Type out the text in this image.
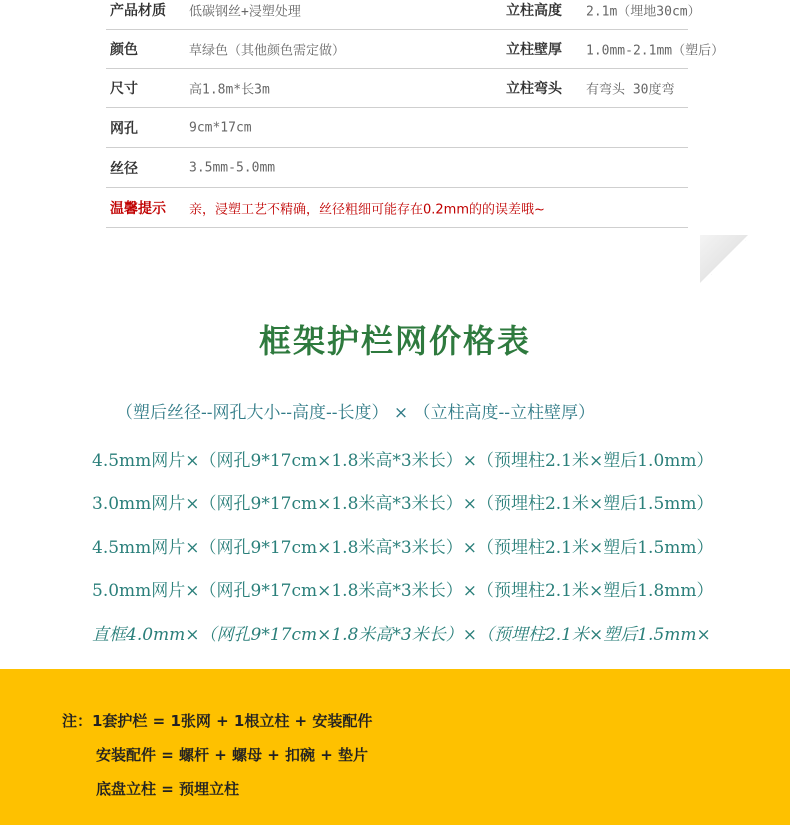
产品材质 低碳钢丝+浸塑处理	立柱高度 2.1m（埋地30cm）
颜色	草绿色（其他颜色需定做）	立柱壁厚 1.0mm-2.1mm（塑后）
尺寸	高1.8m*长3m	立柱弯头 有弯头 30度弯
网孔	9cm*17cm
丝径	3.5mm-5.0mm
温馨提示 亲，浸塑工艺不精确，丝径粗细可能存在0.2mm的的误差哦~
框架护栏网价格表
（塑后丝径--网孔大小--高度--长度） × （立柱高度--立柱壁厚）
4.5mm网片×（网孔9*17cm×1.8米高*3米长）×（预埋柱2.1米×塑后1.0mm）
3.0mm网片×（网孔9*17cm×1.8米高*3米长）×（预埋柱2.1米×塑后1.5mm）
4.5mm网片×（网孔9*17cm×1.8米高*3米长）×（预埋柱2.1米×塑后1.5mm）
5.0mm网片×（网孔9*17cm×1.8米高*3米长）×（预埋柱2.1米×塑后1.8mm）
直框4.0mm×（网孔9*17cm×1.8米高*3米长）×（预埋柱2.1米×塑后1.5mm×
注：1套护栏 = 1张网 + 1根立柱 + 安装配件
安装配件 = 螺杆 + 螺母 + 扣碗 + 垫片
底盘立柱 = 预埋立柱
